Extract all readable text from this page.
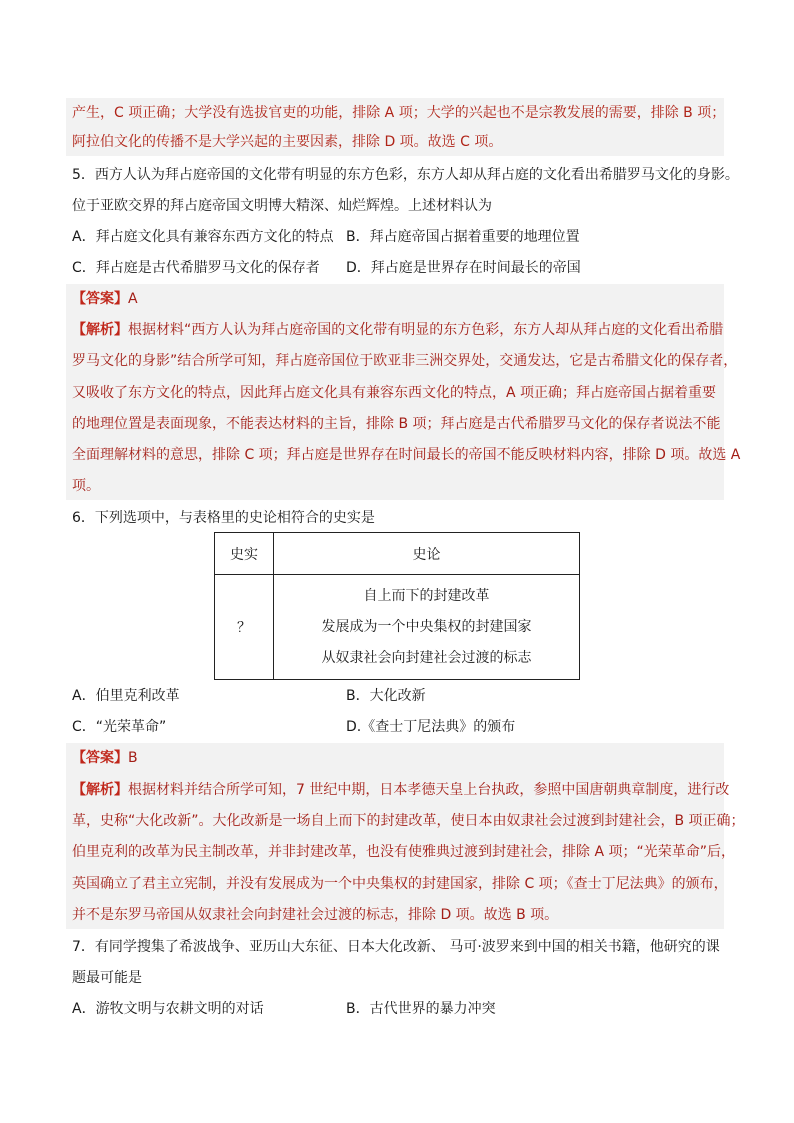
产生，C 项正确；大学没有选拔官吏的功能，排除 A 项；大学的兴起也不是宗教发展的需要，排除 B 项；
阿拉伯文化的传播不是大学兴起的主要因素，排除 D 项。故选 C 项。
5．西方人认为拜占庭帝国的文化带有明显的东方色彩，东方人却从拜占庭的文化看出希腊罗马文化的身影。
位于亚欧交界的拜占庭帝国文明博大精深、灿烂辉煌。上述材料认为
A．拜占庭文化具有兼容东西方文化的特点 B．拜占庭帝国占据着重要的地理位置
C．拜占庭是古代希腊罗马文化的保存者 D．拜占庭是世界存在时间最长的帝国
【答案】A
【解析】根据材料“西方人认为拜占庭帝国的文化带有明显的东方色彩，东方人却从拜占庭的文化看出希腊
罗马文化的身影”结合所学可知，拜占庭帝国位于欧亚非三洲交界处，交通发达，它是古希腊文化的保存者，
又吸收了东方文化的特点，因此拜占庭文化具有兼容东西文化的特点，A 项正确；拜占庭帝国占据着重要
的地理位置是表面现象，不能表达材料的主旨，排除 B 项；拜占庭是古代希腊罗马文化的保存者说法不能
全面理解材料的意思，排除 C 项；拜占庭是世界存在时间最长的帝国不能反映材料内容，排除 D 项。故选 A
项。
6．下列选项中，与表格里的史论相符合的史实是
史实	史论
？	自上而下的封建改革
发展成为一个中央集权的封建国家
从奴隶社会向封建社会过渡的标志
A．伯里克利改革	B．大化改新
C．“光荣革命”	D.《查士丁尼法典》的颁布
【答案】B
【解析】根据材料并结合所学可知，7 世纪中期，日本孝德天皇上台执政，参照中国唐朝典章制度，进行改
革，史称“大化改新”。大化改新是一场自上而下的封建改革，使日本由奴隶社会过渡到封建社会，B 项正确；
伯里克利的改革为民主制改革，并非封建改革，也没有使雅典过渡到封建社会，排除 A 项；“光荣革命”后，
英国确立了君主立宪制，并没有发展成为一个中央集权的封建国家，排除 C 项；《查士丁尼法典》的颁布，
并不是东罗马帝国从奴隶社会向封建社会过渡的标志，排除 D 项。故选 B 项。
7．有同学搜集了希波战争、亚历山大东征、日本大化改新、 马可·波罗来到中国的相关书籍，他研究的课
题最可能是
A．游牧文明与农耕文明的对话	B．古代世界的暴力冲突
